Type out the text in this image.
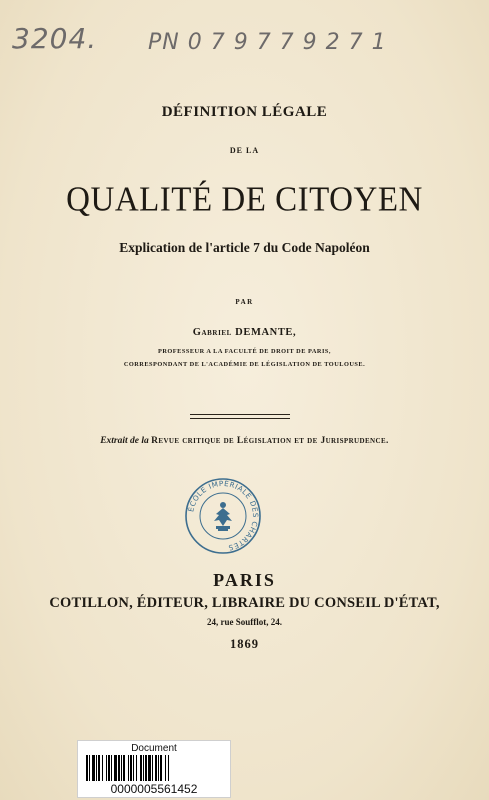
3204. PN 0 7 9 7 7 9 2 7 1
DÉFINITION LÉGALE
DE LA
QUALITÉ DE CITOYEN
Explication de l'article 7 du Code Napoléon
PAR
Gabriel DEMANTE,
PROFESSEUR A LA FACULTÉ DE DROIT DE PARIS,
CORRESPONDANT DE L'ACADÉMIE DE LÉGISLATION DE TOULOUSE.
Extrait de la Revue critique de Législation et de Jurisprudence.
ÉCOLE IMPÉRIALE DES CHARTES
PARIS
COTILLON, ÉDITEUR, LIBRAIRE DU CONSEIL D'ÉTAT,
24, rue Soufflot, 24.
1869
Document
0000005561452
